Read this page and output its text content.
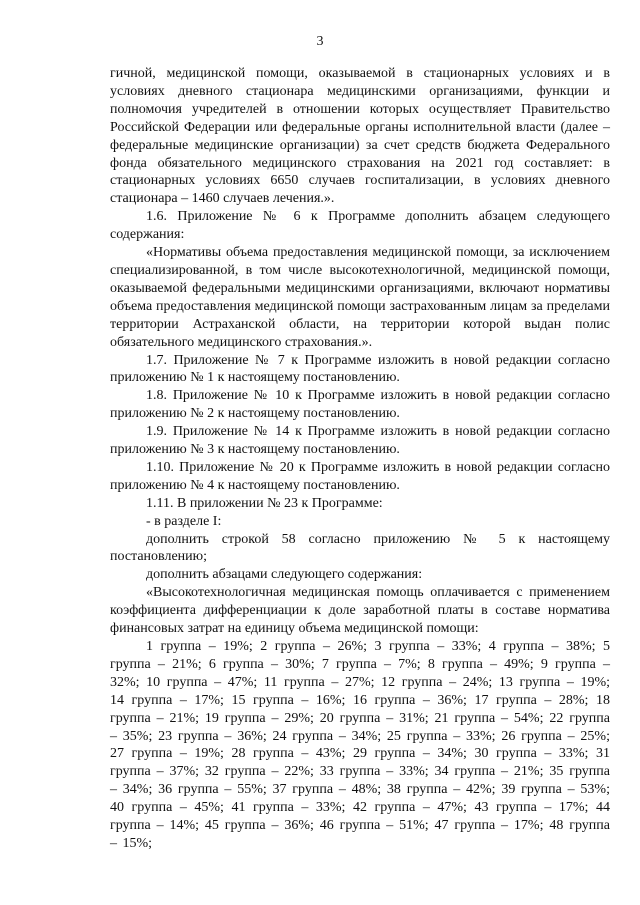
3

гичной, медицинской помощи, оказываемой в стационарных условиях и в условиях дневного стационара медицинскими организациями, функции и полномочия учредителей в отношении которых осуществляет Правительство Российской Федерации или федеральные органы исполнительной власти (далее – федеральные медицинские организации) за счет средств бюджета Федерального фонда обязательного медицинского страхования на 2021 год составляет: в стационарных условиях 6650 случаев госпитализации, в условиях дневного стационара – 1460 случаев лечения.».

1.6. Приложение № 6 к Программе дополнить абзацем следующего содержания:

«Нормативы объема предоставления медицинской помощи, за исключением специализированной, в том числе высокотехнологичной, медицинской помощи, оказываемой федеральными медицинскими организациями, включают нормативы объема предоставления медицинской помощи застрахованным лицам за пределами территории Астраханской области, на территории которой выдан полис обязательного медицинского страхования.».

1.7. Приложение № 7 к Программе изложить в новой редакции согласно приложению № 1 к настоящему постановлению.

1.8. Приложение № 10 к Программе изложить в новой редакции согласно приложению № 2 к настоящему постановлению.

1.9. Приложение № 14 к Программе изложить в новой редакции согласно приложению № 3 к настоящему постановлению.

1.10. Приложение № 20 к Программе изложить в новой редакции согласно приложению № 4 к настоящему постановлению.

1.11. В приложении № 23 к Программе:

- в разделе I:

дополнить строкой 58 согласно приложению № 5 к настоящему постановлению;

дополнить абзацами следующего содержания:

«Высокотехнологичная медицинская помощь оплачивается с применением коэффициента дифференциации к доле заработной платы в составе норматива финансовых затрат на единицу объема медицинской помощи:

1 группа – 19%; 2 группа – 26%; 3 группа – 33%; 4 группа – 38%; 5 группа – 21%; 6 группа – 30%; 7 группа – 7%; 8 группа – 49%; 9 группа – 32%; 10 группа – 47%; 11 группа – 27%; 12 группа – 24%; 13 группа – 19%; 14 группа – 17%; 15 группа – 16%; 16 группа – 36%; 17 группа – 28%; 18 группа – 21%; 19 группа – 29%; 20 группа – 31%; 21 группа – 54%; 22 группа – 35%; 23 группа – 36%; 24 группа – 34%; 25 группа – 33%; 26 группа – 25%; 27 группа – 19%; 28 группа – 43%; 29 группа – 34%; 30 группа – 33%; 31 группа – 37%; 32 группа – 22%; 33 группа – 33%; 34 группа – 21%; 35 группа – 34%; 36 группа – 55%; 37 группа – 48%; 38 группа – 42%; 39 группа – 53%; 40 группа – 45%; 41 группа – 33%; 42 группа – 47%; 43 группа – 17%; 44 группа – 14%; 45 группа – 36%; 46 группа – 51%; 47 группа – 17%; 48 группа – 15%;
